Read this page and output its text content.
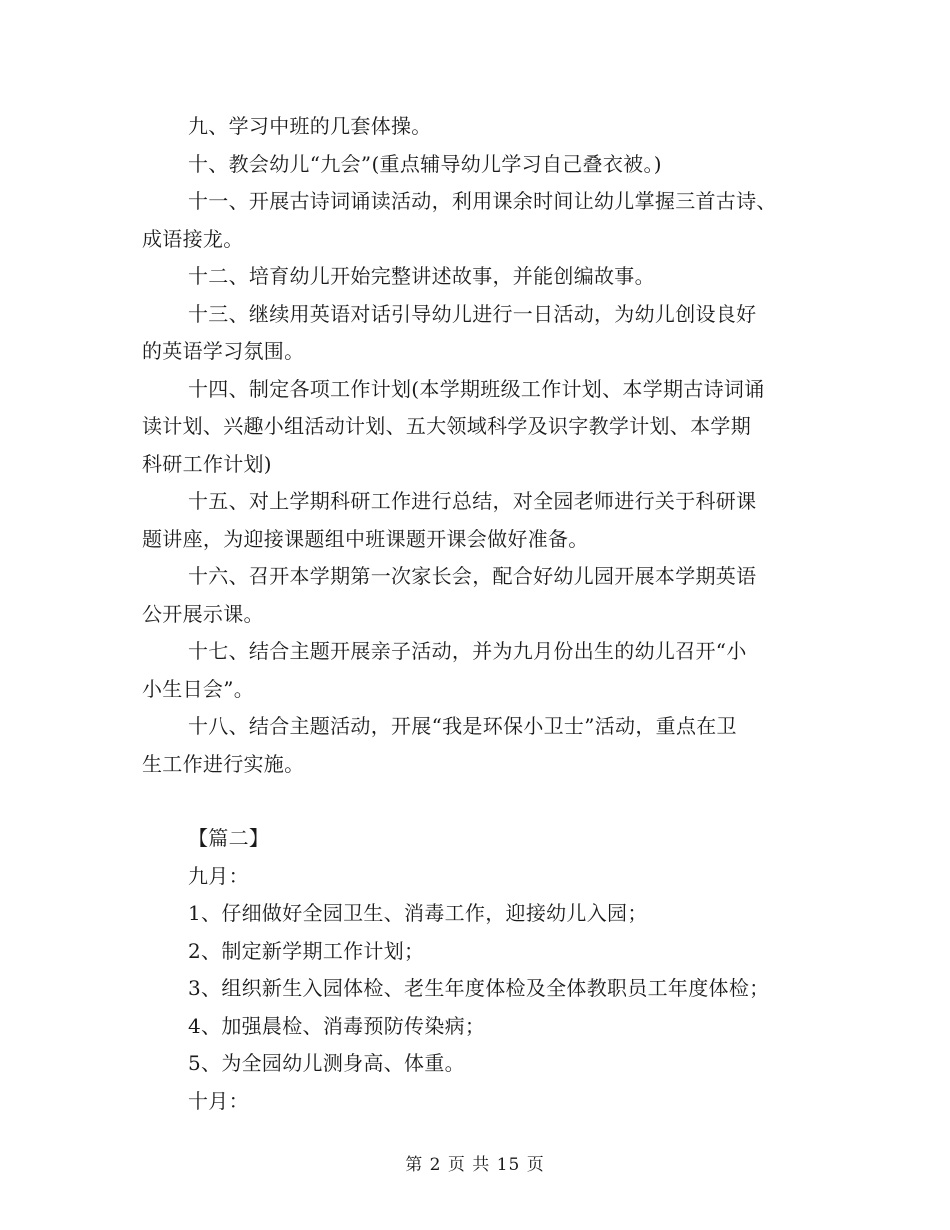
九、学习中班的几套体操。
十、教会幼儿“九会”(重点辅导幼儿学习自己叠衣被。)
十一、开展古诗词诵读活动，利用课余时间让幼儿掌握三首古诗、
成语接龙。
十二、培育幼儿开始完整讲述故事，并能创编故事。
十三、继续用英语对话引导幼儿进行一日活动，为幼儿创设良好
的英语学习氛围。
十四、制定各项工作计划(本学期班级工作计划、本学期古诗词诵
读计划、兴趣小组活动计划、五大领域科学及识字教学计划、本学期
科研工作计划)
十五、对上学期科研工作进行总结，对全园老师进行关于科研课
题讲座，为迎接课题组中班课题开课会做好准备。
十六、召开本学期第一次家长会，配合好幼儿园开展本学期英语
公开展示课。
十七、结合主题开展亲子活动，并为九月份出生的幼儿召开“小
小生日会”。
十八、结合主题活动，开展“我是环保小卫士”活动，重点在卫
生工作进行实施。
【篇二】
九月：
1、仔细做好全园卫生、消毒工作，迎接幼儿入园；
2、制定新学期工作计划；
3、组织新生入园体检、老生年度体检及全体教职员工年度体检；
4、加强晨检、消毒预防传染病；
5、为全园幼儿测身高、体重。
十月：
第 2 页 共 15 页
